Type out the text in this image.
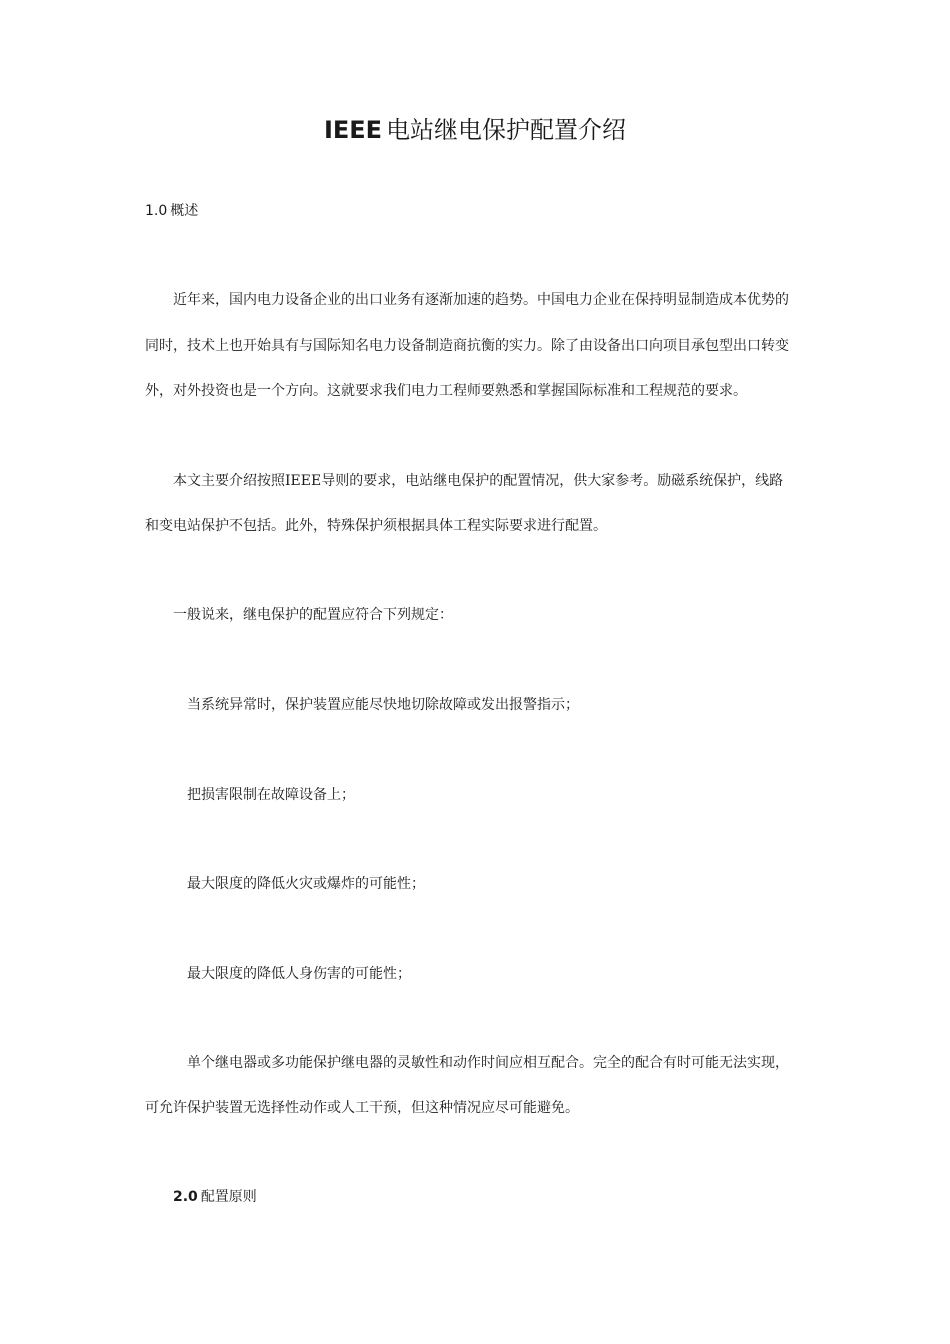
IEEE 电站继电保护配置介绍
1.0 概述
近年来，国内电力设备企业的出口业务有逐渐加速的趋势。中国电力企业在保持明显制造成本优势的
同时，技术上也开始具有与国际知名电力设备制造商抗衡的实力。除了由设备出口向项目承包型出口转变
外，对外投资也是一个方向。这就要求我们电力工程师要熟悉和掌握国际标准和工程规范的要求。
本文主要介绍按照IEEE导则的要求，电站继电保护的配置情况，供大家参考。励磁系统保护，线路
和变电站保护不包括。此外，特殊保护须根据具体工程实际要求进行配置。
一般说来，继电保护的配置应符合下列规定：
当系统异常时，保护装置应能尽快地切除故障或发出报警指示；
把损害限制在故障设备上；
最大限度的降低火灾或爆炸的可能性；
最大限度的降低人身伤害的可能性；
单个继电器或多功能保护继电器的灵敏性和动作时间应相互配合。完全的配合有时可能无法实现，
可允许保护装置无选择性动作或人工干预，但这种情况应尽可能避免。
2.0 配置原则
